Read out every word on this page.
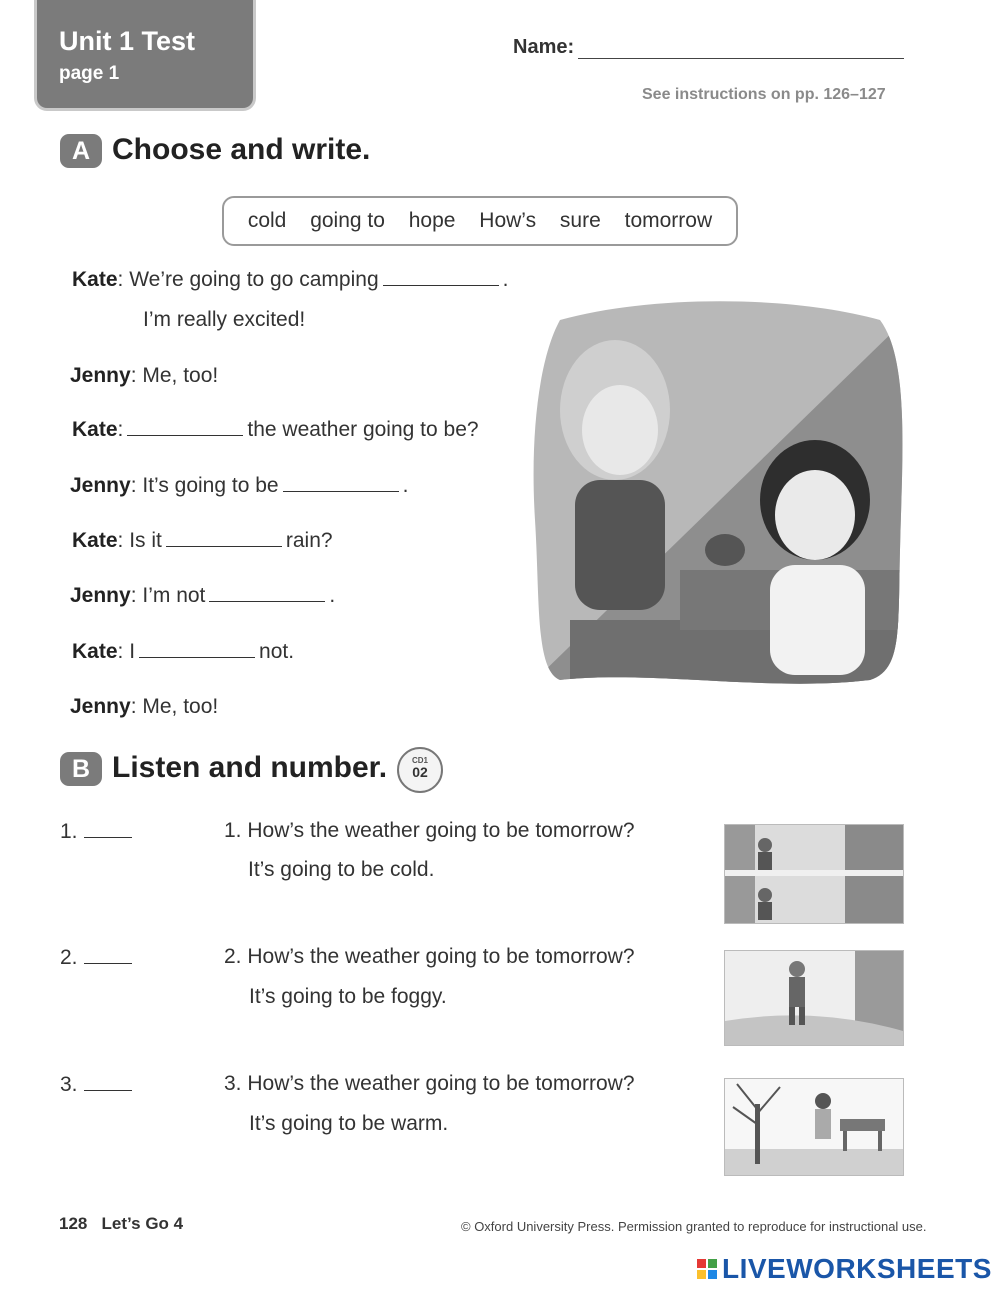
Unit 1 Test
page 1
Name:
See instructions on pp. 126–127
A Choose and write.
cold going to hope How’s sure tomorrow
Kate: We’re going to go camping	.
I’m really excited!
Jenny: Me, too!
Kate:	the weather going to be?
Jenny: It’s going to be	.
Kate: Is it	rain?
Jenny: I’m not	.
Kate: I	not.
Jenny: Me, too!
B Listen and number.	CD1
02
1.	1. How’s the weather going to be tomorrow?
It’s going to be cold.
2.	2. How’s the weather going to be tomorrow?
It’s going to be foggy.
3.	3. How’s the weather going to be tomorrow?
It’s going to be warm.
128 Let’s Go 4	© Oxford University Press. Permission granted to reproduce for instructional use.
LIVEWORKSHEETS
